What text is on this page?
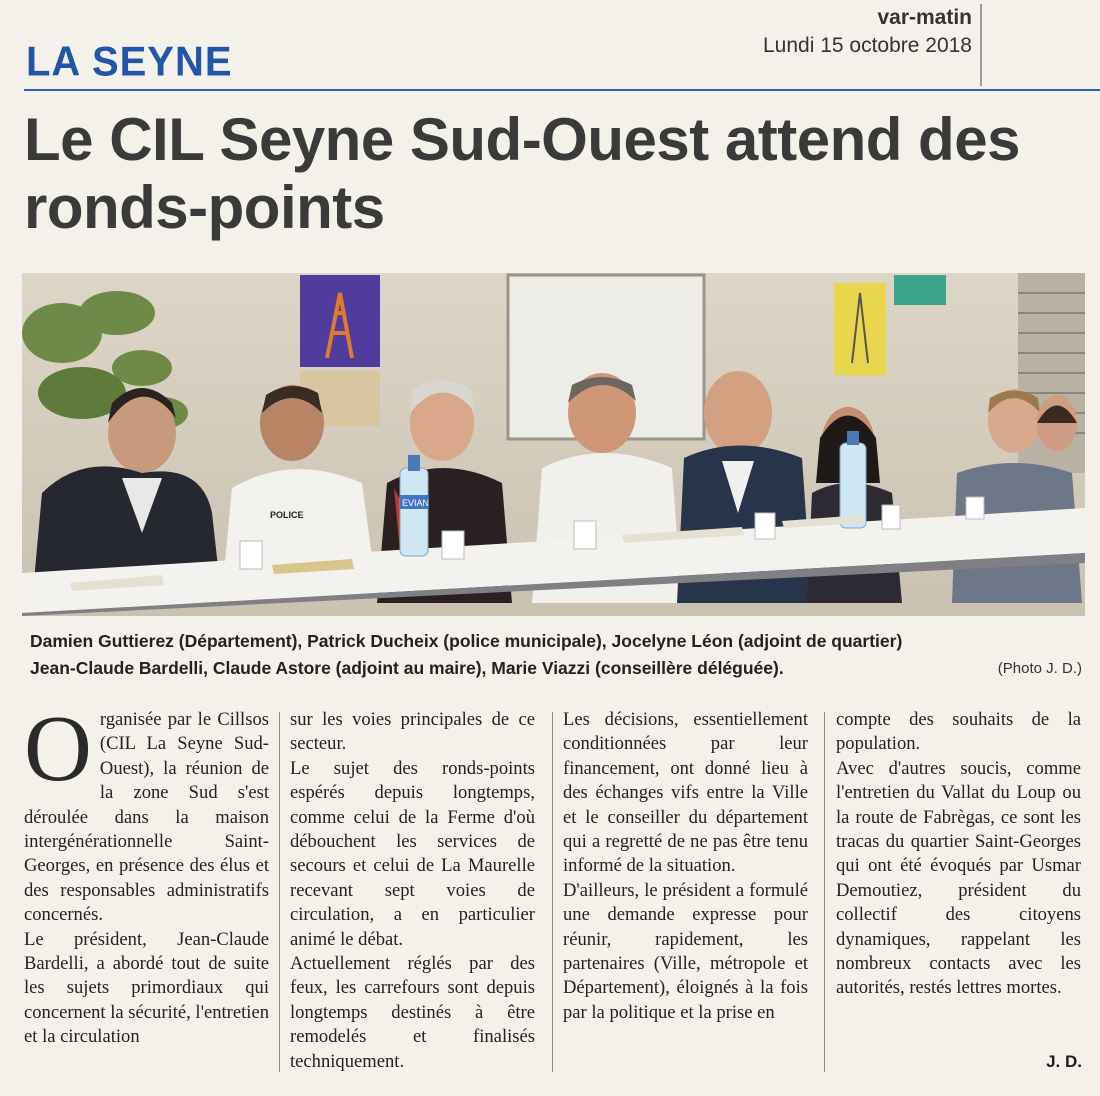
LA SEYNE
var-matin
Lundi 15 octobre 2018
Le CIL Seyne Sud-Ouest attend des ronds-points
EVIAN
POLICE
Damien Guttierez (Département), Patrick Ducheix (police municipale), Jocelyne Léon (adjoint de quartier)
Jean-Claude Bardelli, Claude Astore (adjoint au maire), Marie Viazzi (conseillère déléguée).	(Photo J. D.)

Organisée par le Cillsos (CIL La Seyne Sud-Ouest), la réunion de la zone Sud s'est déroulée dans la maison intergénérationnelle Saint-Georges, en présence des élus et des responsables administratifs concernés.

Le président, Jean-Claude Bardelli, a abordé tout de suite les sujets primordiaux qui concernent la sécurité, l'entretien et la circulation

sur les voies principales de ce secteur.

Le sujet des ronds-points espérés depuis longtemps, comme celui de la Ferme d'où débouchent les services de secours et celui de La Maurelle recevant sept voies de circulation, a en particulier animé le débat.

Actuellement réglés par des feux, les carrefours sont depuis longtemps destinés à être remodelés et finalisés techniquement.

Les décisions, essentiellement conditionnées par leur financement, ont donné lieu à des échanges vifs entre la Ville et le conseiller du département qui a regretté de ne pas être tenu informé de la situation.

D'ailleurs, le président a formulé une demande expresse pour réunir, rapidement, les partenaires (Ville, métropole et Département), éloignés à la fois par la politique et la prise en

compte des souhaits de la population.

Avec d'autres soucis, comme l'entretien du Vallat du Loup ou la route de Fabrègas, ce sont les tracas du quartier Saint-Georges qui ont été évoqués par Usmar Demoutiez, président du collectif des citoyens dynamiques, rappelant les nombreux contacts avec les autorités, restés lettres mortes.

J. D.
